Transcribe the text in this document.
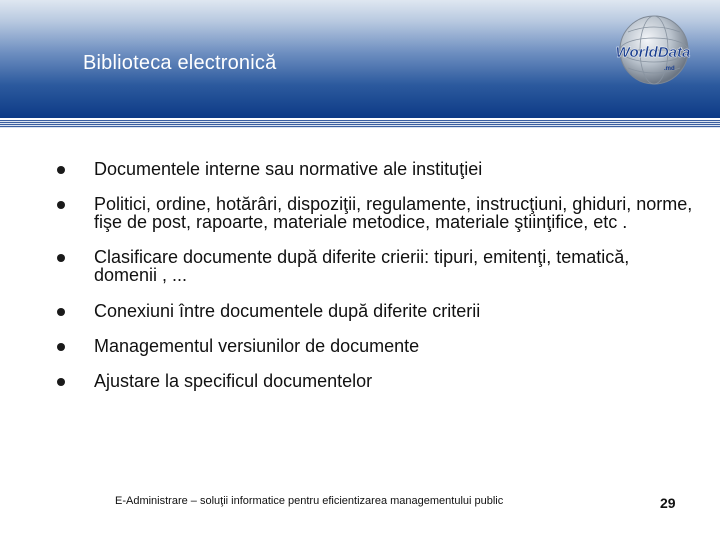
Biblioteca electronică	WorldData
.md
Documentele interne sau normative ale instituţiei
Politici, ordine, hotărâri, dispoziţii, regulamente, instrucţiuni, ghiduri, norme, fişe de post, rapoarte, materiale metodice, materiale ştiinţifice, etc .
Clasificare documente după diferite crierii: tipuri, emitenţi, tematică, domenii , ...
Conexiuni între documentele după diferite criterii
Managementul versiunilor de documente
Ajustare la specificul documentelor
E-Administrare – soluţii informatice pentru eficientizarea managementului public	29
